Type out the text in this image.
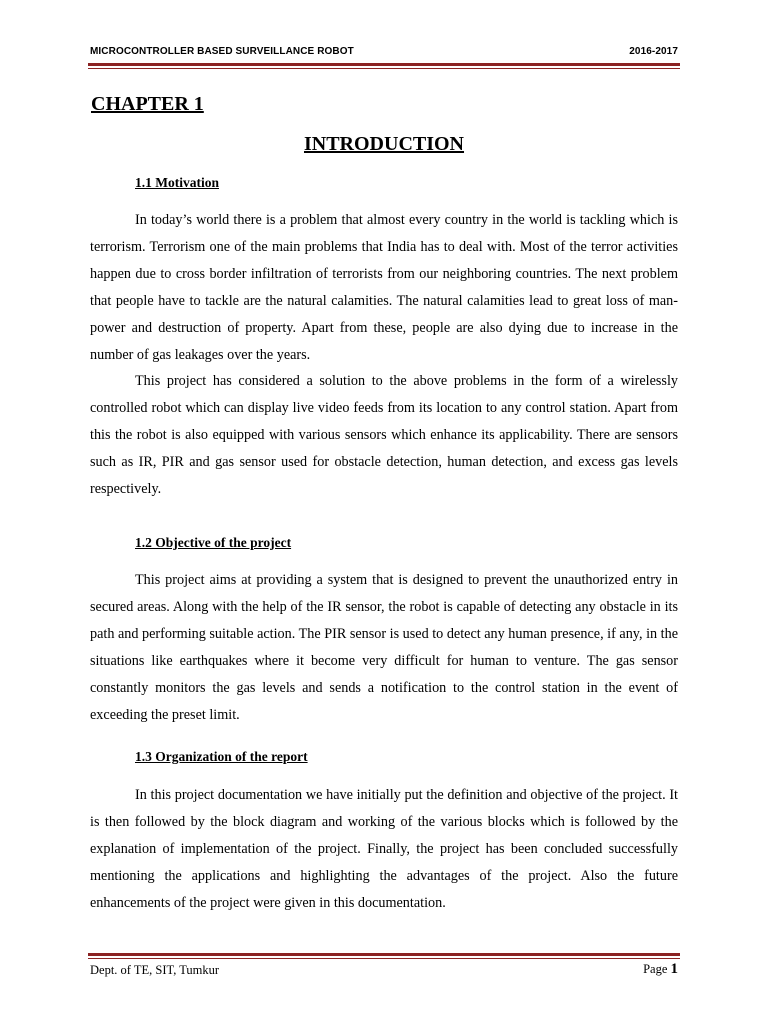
MICROCONTROLLER BASED SURVEILLANCE ROBOT	2016-2017
CHAPTER 1
INTRODUCTION
1.1 Motivation

In today’s world there is a problem that almost every country in the world is tackling which is terrorism. Terrorism one of the main problems that India has to deal with. Most of the terror activities happen due to cross border infiltration of terrorists from our neighboring countries. The next problem that people have to tackle are the natural calamities. The natural calamities lead to great loss of man-power and destruction of property. Apart from these, people are also dying due to increase in the number of gas leakages over the years.

This project has considered a solution to the above problems in the form of a wirelessly controlled robot which can display live video feeds from its location to any control station. Apart from this the robot is also equipped with various sensors which enhance its applicability. There are sensors such as IR, PIR and gas sensor used for obstacle detection, human detection, and excess gas levels respectively.

1.2 Objective of the project

This project aims at providing a system that is designed to prevent the unauthorized entry in secured areas. Along with the help of the IR sensor, the robot is capable of detecting any obstacle in its path and performing suitable action. The PIR sensor is used to detect any human presence, if any, in the situations like earthquakes where it become very difficult for human to venture. The gas sensor constantly monitors the gas levels and sends a notification to the control station in the event of exceeding the preset limit.

1.3 Organization of the report

In this project documentation we have initially put the definition and objective of the project. It is then followed by the block diagram and working of the various blocks which is followed by the explanation of implementation of the project. Finally, the project has been concluded successfully mentioning the applications and highlighting the advantages of the project. Also the future enhancements of the project were given in this documentation.

Dept. of TE, SIT, Tumkur	Page 1
